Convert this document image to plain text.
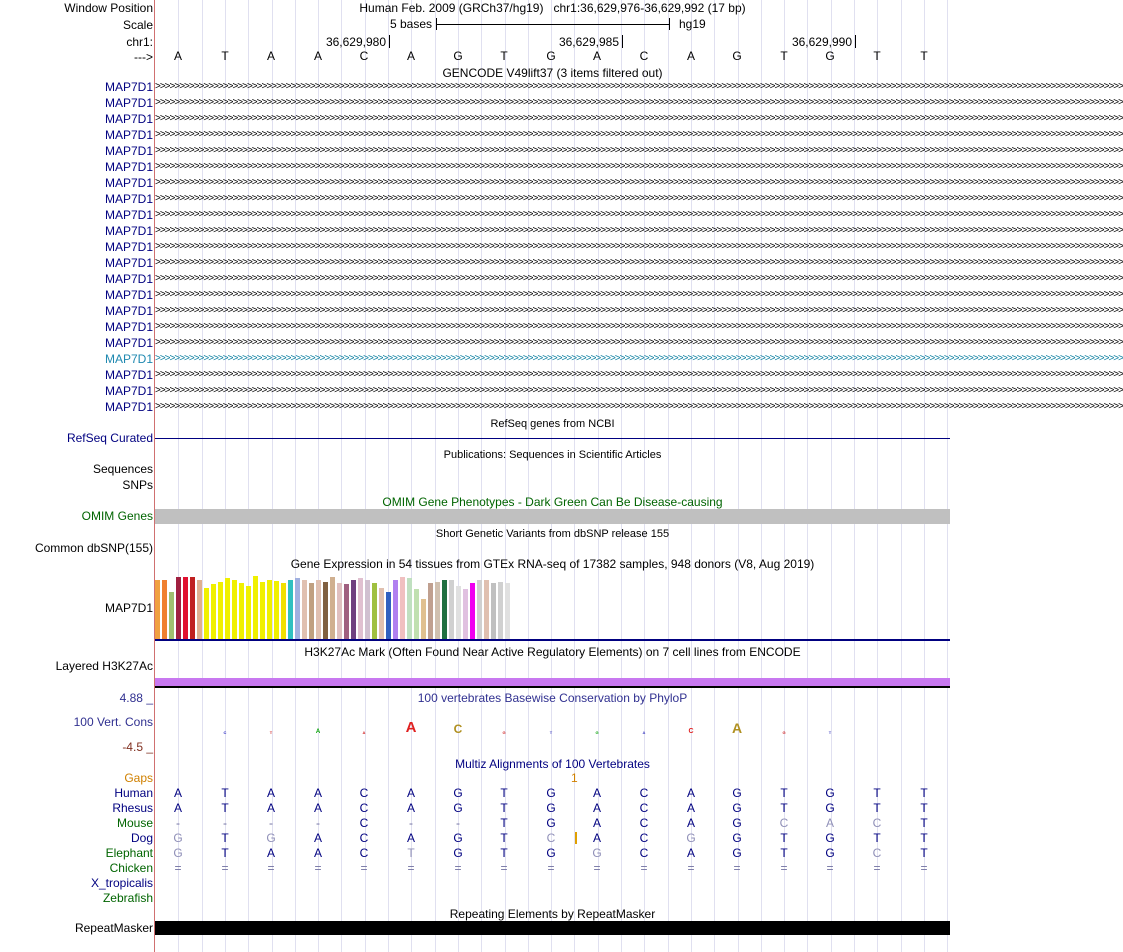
Window Position	Human Feb. 2009 (GRCh37/hg19) chr1:36,629,976-36,629,992 (17 bp)
Scale	5 bases	hg19
chr1:	36,629,980	36,629,985	36,629,990
--->	A	T	A	A	C	A	G	T	G	A	C	A	G	T	G	T	T
GENCODE V49lift37 (3 items filtered out)
MAP7D1 >>>>>>>>>>>>>>>>>>>>>>>>>>>>>>>>>>>>>>>>>>>>>>>>>>>>>>>>>>>>>>>>>>>>>>>>>>>>>>>>>>>>>>>>>>>>>>>>>>>>>>>>>>>>>>>>>>>>>>>>>>>>>>>>>>>>>>>>>>>>>>>>>>>>>>>>>>>>>>>>>>>>>>>>>>>>>>>>>>>>>>>>>>>>>>>>>>>>>>>>
MAP7D1 >>>>>>>>>>>>>>>>>>>>>>>>>>>>>>>>>>>>>>>>>>>>>>>>>>>>>>>>>>>>>>>>>>>>>>>>>>>>>>>>>>>>>>>>>>>>>>>>>>>>>>>>>>>>>>>>>>>>>>>>>>>>>>>>>>>>>>>>>>>>>>>>>>>>>>>>>>>>>>>>>>>>>>>>>>>>>>>>>>>>>>>>>>>>>>>>>>>>>>>>
MAP7D1 >>>>>>>>>>>>>>>>>>>>>>>>>>>>>>>>>>>>>>>>>>>>>>>>>>>>>>>>>>>>>>>>>>>>>>>>>>>>>>>>>>>>>>>>>>>>>>>>>>>>>>>>>>>>>>>>>>>>>>>>>>>>>>>>>>>>>>>>>>>>>>>>>>>>>>>>>>>>>>>>>>>>>>>>>>>>>>>>>>>>>>>>>>>>>>>>>>>>>>>>
MAP7D1 >>>>>>>>>>>>>>>>>>>>>>>>>>>>>>>>>>>>>>>>>>>>>>>>>>>>>>>>>>>>>>>>>>>>>>>>>>>>>>>>>>>>>>>>>>>>>>>>>>>>>>>>>>>>>>>>>>>>>>>>>>>>>>>>>>>>>>>>>>>>>>>>>>>>>>>>>>>>>>>>>>>>>>>>>>>>>>>>>>>>>>>>>>>>>>>>>>>>>>>>
MAP7D1 >>>>>>>>>>>>>>>>>>>>>>>>>>>>>>>>>>>>>>>>>>>>>>>>>>>>>>>>>>>>>>>>>>>>>>>>>>>>>>>>>>>>>>>>>>>>>>>>>>>>>>>>>>>>>>>>>>>>>>>>>>>>>>>>>>>>>>>>>>>>>>>>>>>>>>>>>>>>>>>>>>>>>>>>>>>>>>>>>>>>>>>>>>>>>>>>>>>>>>>>
MAP7D1 >>>>>>>>>>>>>>>>>>>>>>>>>>>>>>>>>>>>>>>>>>>>>>>>>>>>>>>>>>>>>>>>>>>>>>>>>>>>>>>>>>>>>>>>>>>>>>>>>>>>>>>>>>>>>>>>>>>>>>>>>>>>>>>>>>>>>>>>>>>>>>>>>>>>>>>>>>>>>>>>>>>>>>>>>>>>>>>>>>>>>>>>>>>>>>>>>>>>>>>>
MAP7D1 >>>>>>>>>>>>>>>>>>>>>>>>>>>>>>>>>>>>>>>>>>>>>>>>>>>>>>>>>>>>>>>>>>>>>>>>>>>>>>>>>>>>>>>>>>>>>>>>>>>>>>>>>>>>>>>>>>>>>>>>>>>>>>>>>>>>>>>>>>>>>>>>>>>>>>>>>>>>>>>>>>>>>>>>>>>>>>>>>>>>>>>>>>>>>>>>>>>>>>>>
MAP7D1 >>>>>>>>>>>>>>>>>>>>>>>>>>>>>>>>>>>>>>>>>>>>>>>>>>>>>>>>>>>>>>>>>>>>>>>>>>>>>>>>>>>>>>>>>>>>>>>>>>>>>>>>>>>>>>>>>>>>>>>>>>>>>>>>>>>>>>>>>>>>>>>>>>>>>>>>>>>>>>>>>>>>>>>>>>>>>>>>>>>>>>>>>>>>>>>>>>>>>>>>
MAP7D1 >>>>>>>>>>>>>>>>>>>>>>>>>>>>>>>>>>>>>>>>>>>>>>>>>>>>>>>>>>>>>>>>>>>>>>>>>>>>>>>>>>>>>>>>>>>>>>>>>>>>>>>>>>>>>>>>>>>>>>>>>>>>>>>>>>>>>>>>>>>>>>>>>>>>>>>>>>>>>>>>>>>>>>>>>>>>>>>>>>>>>>>>>>>>>>>>>>>>>>>>
MAP7D1 >>>>>>>>>>>>>>>>>>>>>>>>>>>>>>>>>>>>>>>>>>>>>>>>>>>>>>>>>>>>>>>>>>>>>>>>>>>>>>>>>>>>>>>>>>>>>>>>>>>>>>>>>>>>>>>>>>>>>>>>>>>>>>>>>>>>>>>>>>>>>>>>>>>>>>>>>>>>>>>>>>>>>>>>>>>>>>>>>>>>>>>>>>>>>>>>>>>>>>>>
MAP7D1 >>>>>>>>>>>>>>>>>>>>>>>>>>>>>>>>>>>>>>>>>>>>>>>>>>>>>>>>>>>>>>>>>>>>>>>>>>>>>>>>>>>>>>>>>>>>>>>>>>>>>>>>>>>>>>>>>>>>>>>>>>>>>>>>>>>>>>>>>>>>>>>>>>>>>>>>>>>>>>>>>>>>>>>>>>>>>>>>>>>>>>>>>>>>>>>>>>>>>>>>
MAP7D1 >>>>>>>>>>>>>>>>>>>>>>>>>>>>>>>>>>>>>>>>>>>>>>>>>>>>>>>>>>>>>>>>>>>>>>>>>>>>>>>>>>>>>>>>>>>>>>>>>>>>>>>>>>>>>>>>>>>>>>>>>>>>>>>>>>>>>>>>>>>>>>>>>>>>>>>>>>>>>>>>>>>>>>>>>>>>>>>>>>>>>>>>>>>>>>>>>>>>>>>>
MAP7D1 >>>>>>>>>>>>>>>>>>>>>>>>>>>>>>>>>>>>>>>>>>>>>>>>>>>>>>>>>>>>>>>>>>>>>>>>>>>>>>>>>>>>>>>>>>>>>>>>>>>>>>>>>>>>>>>>>>>>>>>>>>>>>>>>>>>>>>>>>>>>>>>>>>>>>>>>>>>>>>>>>>>>>>>>>>>>>>>>>>>>>>>>>>>>>>>>>>>>>>>>
MAP7D1 >>>>>>>>>>>>>>>>>>>>>>>>>>>>>>>>>>>>>>>>>>>>>>>>>>>>>>>>>>>>>>>>>>>>>>>>>>>>>>>>>>>>>>>>>>>>>>>>>>>>>>>>>>>>>>>>>>>>>>>>>>>>>>>>>>>>>>>>>>>>>>>>>>>>>>>>>>>>>>>>>>>>>>>>>>>>>>>>>>>>>>>>>>>>>>>>>>>>>>>>
MAP7D1 >>>>>>>>>>>>>>>>>>>>>>>>>>>>>>>>>>>>>>>>>>>>>>>>>>>>>>>>>>>>>>>>>>>>>>>>>>>>>>>>>>>>>>>>>>>>>>>>>>>>>>>>>>>>>>>>>>>>>>>>>>>>>>>>>>>>>>>>>>>>>>>>>>>>>>>>>>>>>>>>>>>>>>>>>>>>>>>>>>>>>>>>>>>>>>>>>>>>>>>>
MAP7D1 >>>>>>>>>>>>>>>>>>>>>>>>>>>>>>>>>>>>>>>>>>>>>>>>>>>>>>>>>>>>>>>>>>>>>>>>>>>>>>>>>>>>>>>>>>>>>>>>>>>>>>>>>>>>>>>>>>>>>>>>>>>>>>>>>>>>>>>>>>>>>>>>>>>>>>>>>>>>>>>>>>>>>>>>>>>>>>>>>>>>>>>>>>>>>>>>>>>>>>>>
MAP7D1 >>>>>>>>>>>>>>>>>>>>>>>>>>>>>>>>>>>>>>>>>>>>>>>>>>>>>>>>>>>>>>>>>>>>>>>>>>>>>>>>>>>>>>>>>>>>>>>>>>>>>>>>>>>>>>>>>>>>>>>>>>>>>>>>>>>>>>>>>>>>>>>>>>>>>>>>>>>>>>>>>>>>>>>>>>>>>>>>>>>>>>>>>>>>>>>>>>>>>>>>
MAP7D1 >>>>>>>>>>>>>>>>>>>>>>>>>>>>>>>>>>>>>>>>>>>>>>>>>>>>>>>>>>>>>>>>>>>>>>>>>>>>>>>>>>>>>>>>>>>>>>>>>>>>>>>>>>>>>>>>>>>>>>>>>>>>>>>>>>>>>>>>>>>>>>>>>>>>>>>>>>>>>>>>>>>>>>>>>>>>>>>>>>>>>>>>>>>>>>>>>>>>>>>>
MAP7D1 >>>>>>>>>>>>>>>>>>>>>>>>>>>>>>>>>>>>>>>>>>>>>>>>>>>>>>>>>>>>>>>>>>>>>>>>>>>>>>>>>>>>>>>>>>>>>>>>>>>>>>>>>>>>>>>>>>>>>>>>>>>>>>>>>>>>>>>>>>>>>>>>>>>>>>>>>>>>>>>>>>>>>>>>>>>>>>>>>>>>>>>>>>>>>>>>>>>>>>>>
MAP7D1 >>>>>>>>>>>>>>>>>>>>>>>>>>>>>>>>>>>>>>>>>>>>>>>>>>>>>>>>>>>>>>>>>>>>>>>>>>>>>>>>>>>>>>>>>>>>>>>>>>>>>>>>>>>>>>>>>>>>>>>>>>>>>>>>>>>>>>>>>>>>>>>>>>>>>>>>>>>>>>>>>>>>>>>>>>>>>>>>>>>>>>>>>>>>>>>>>>>>>>>>
MAP7D1 >>>>>>>>>>>>>>>>>>>>>>>>>>>>>>>>>>>>>>>>>>>>>>>>>>>>>>>>>>>>>>>>>>>>>>>>>>>>>>>>>>>>>>>>>>>>>>>>>>>>>>>>>>>>>>>>>>>>>>>>>>>>>>>>>>>>>>>>>>>>>>>>>>>>>>>>>>>>>>>>>>>>>>>>>>>>>>>>>>>>>>>>>>>>>>>>>>>>>>>>
RefSeq genes from NCBI
RefSeq Curated
Publications: Sequences in Scientific Articles
Sequences
SNPs
OMIM Gene Phenotypes - Dark Green Can Be Disease-causing
OMIM Genes
Short Genetic Variants from dbSNP release 155
Common dbSNP(155)
Gene Expression in 54 tissues from GTEx RNA-seq of 17382 samples, 948 donors (V8, Aug 2019)
MAP7D1
H3K27Ac Mark (Often Found Near Active Regulatory Elements) on 7 cell lines from ENCODE
Layered H3K27Ac
100 vertebrates Basewise Conservation by PhyloP
4.88 _
100 Vert. Cons
-4.5 _
C	T	A	A	A	C	G	T	G	A	C	A	G	T
Multiz Alignments of 100 Vertebrates
Gaps	1
Human	A	T	A	A	C	A	G	T	G	A	C	A	G	T	G	T	T
Rhesus	A	T	A	A	C	A	G	T	G	A	C	A	G	T	G	T	T
Mouse	-	-	-	-	C	-	-	T	G	A	C	A	G	C	A	C	T
Dog	G	T	G	A	C	A	G	T	C	A	C	G	G	T	G	T	T
Elephant	G	T	A	A	C	T	G	T	G	G	C	A	G	T	G	C	T
Chicken	=	=	=	=	=	=	=	=	=	=	=	=	=	=	=	=	=
X_tropicalis
Zebrafish
Repeating Elements by RepeatMasker
RepeatMasker
